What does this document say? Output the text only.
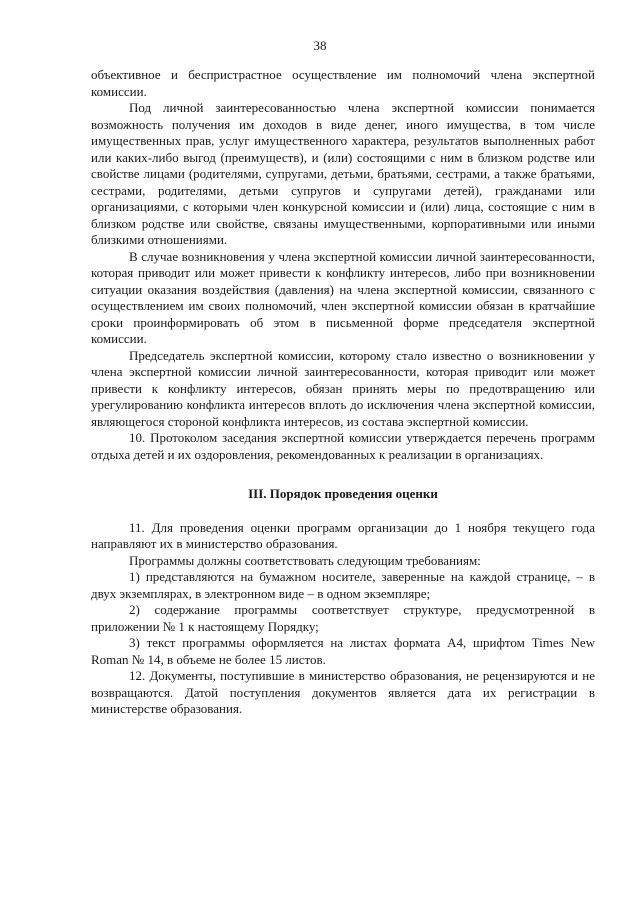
38

объективное и беспристрастное осуществление им полномочий члена экспертной комиссии.

Под личной заинтересованностью члена экспертной комиссии понимается возможность получения им доходов в виде денег, иного имущества, в том числе имущественных прав, услуг имущественного характера, результатов выполненных работ или каких-либо выгод (преимуществ), и (или) состоящими с ним в близком родстве или свойстве лицами (родителями, супругами, детьми, братьями, сестрами, а также братьями, сестрами, родителями, детьми супругов и супругами детей), гражданами или организациями, с которыми член конкурсной комиссии и (или) лица, состоящие с ним в близком родстве или свойстве, связаны имущественными, корпоративными или иными близкими отношениями.

В случае возникновения у члена экспертной комиссии личной заинтересованности, которая приводит или может привести к конфликту интересов, либо при возникновении ситуации оказания воздействия (давления) на члена экспертной комиссии, связанного с осуществлением им своих полномочий, член экспертной комиссии обязан в кратчайшие сроки проинформировать об этом в письменной форме председателя экспертной комиссии.

Председатель экспертной комиссии, которому стало известно о возникновении у члена экспертной комиссии личной заинтересованности, которая приводит или может привести к конфликту интересов, обязан принять меры по предотвращению или урегулированию конфликта интересов вплоть до исключения члена экспертной комиссии, являющегося стороной конфликта интересов, из состава экспертной комиссии.

10. Протоколом заседания экспертной комиссии утверждается перечень программ отдыха детей и их оздоровления, рекомендованных к реализации в организациях.

III. Порядок проведения оценки

11. Для проведения оценки программ организации до 1 ноября текущего года направляют их в министерство образования.

Программы должны соответствовать следующим требованиям:

1) представляются на бумажном носителе, заверенные на каждой странице, – в двух экземплярах, в электронном виде – в одном экземпляре;

2) содержание программы соответствует структуре, предусмотренной в приложении № 1 к настоящему Порядку;

3) текст программы оформляется на листах формата А4, шрифтом Times New Roman № 14, в объеме не более 15 листов.

12. Документы, поступившие в министерство образования, не рецензируются и не возвращаются. Датой поступления документов является дата их регистрации в министерстве образования.
